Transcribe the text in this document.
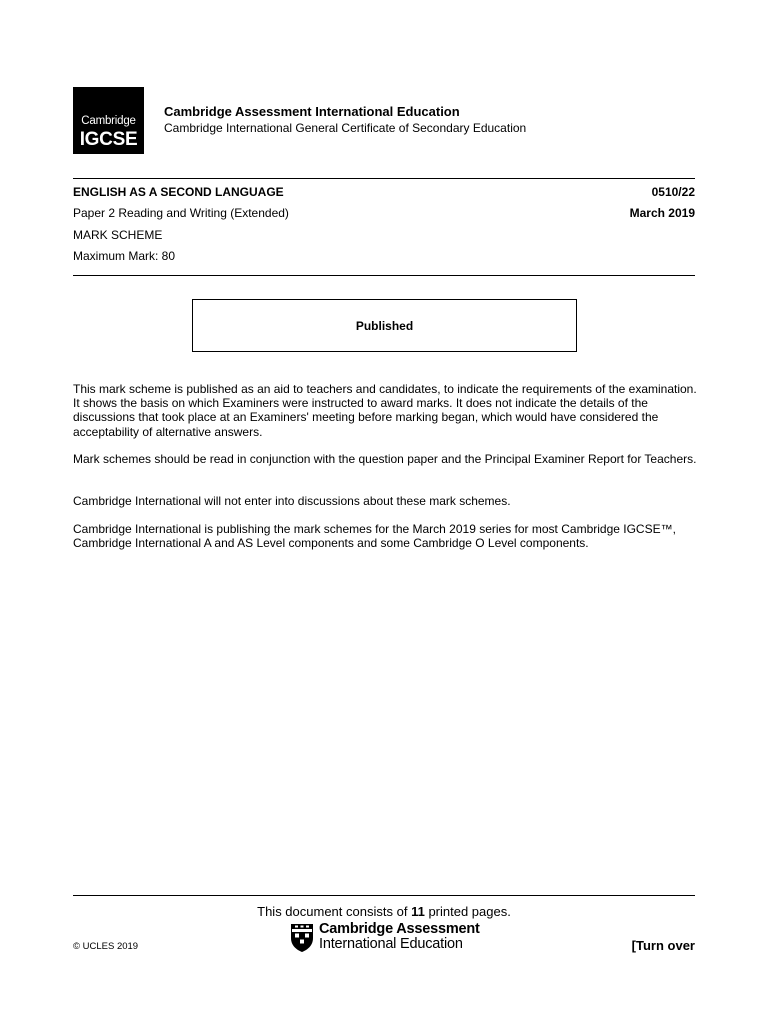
Cambridge
IGCSE
Cambridge Assessment International Education
Cambridge International General Certificate of Secondary Education
ENGLISH AS A SECOND LANGUAGE	0510/22
Paper 2 Reading and Writing (Extended)	March 2019
MARK SCHEME
Maximum Mark: 80
Published

This mark scheme is published as an aid to teachers and candidates, to indicate the requirements of the examination. It shows the basis on which Examiners were instructed to award marks. It does not indicate the details of the discussions that took place at an Examiners' meeting before marking began, which would have considered the acceptability of alternative answers.

Mark schemes should be read in conjunction with the question paper and the Principal Examiner Report for Teachers.

Cambridge International will not enter into discussions about these mark schemes.

Cambridge International is publishing the mark schemes for the March 2019 series for most Cambridge IGCSE™, Cambridge International A and AS Level components and some Cambridge O Level components.

This document consists of 11 printed pages.
© UCLES 2019
Cambridge Assessment
International Education	[Turn over
